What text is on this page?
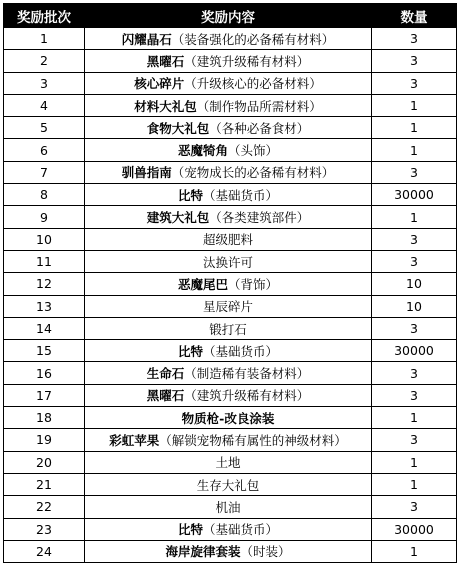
奖励批次	奖励内容	数量
1	闪耀晶石（装备强化的必备稀有材料）	3
2	黑曜石（建筑升级稀有材料）	3
3	核心碎片（升级核心的必备材料）	3
4	材料大礼包（制作物品所需材料）	1
5	食物大礼包（各种必备食材）	1
6	恶魔犄角（头饰）	1
7	驯兽指南（宠物成长的必备稀有材料）	3
8	比特（基础货币）	30000
9	建筑大礼包（各类建筑部件）	1
10	超级肥料	3
11	汰换许可	3
12	恶魔尾巴（背饰）	10
13	星辰碎片	10
14	锻打石	3
15	比特（基础货币）	30000
16	生命石（制造稀有装备材料）	3
17	黑曜石（建筑升级稀有材料）	3
18	物质枪-改良涂装	1
19	彩虹苹果（解锁宠物稀有属性的神级材料）	3
20	土地	1
21	生存大礼包	1
22	机油	3
23	比特（基础货币）	30000
24	海岸旋律套装（时装）	1
